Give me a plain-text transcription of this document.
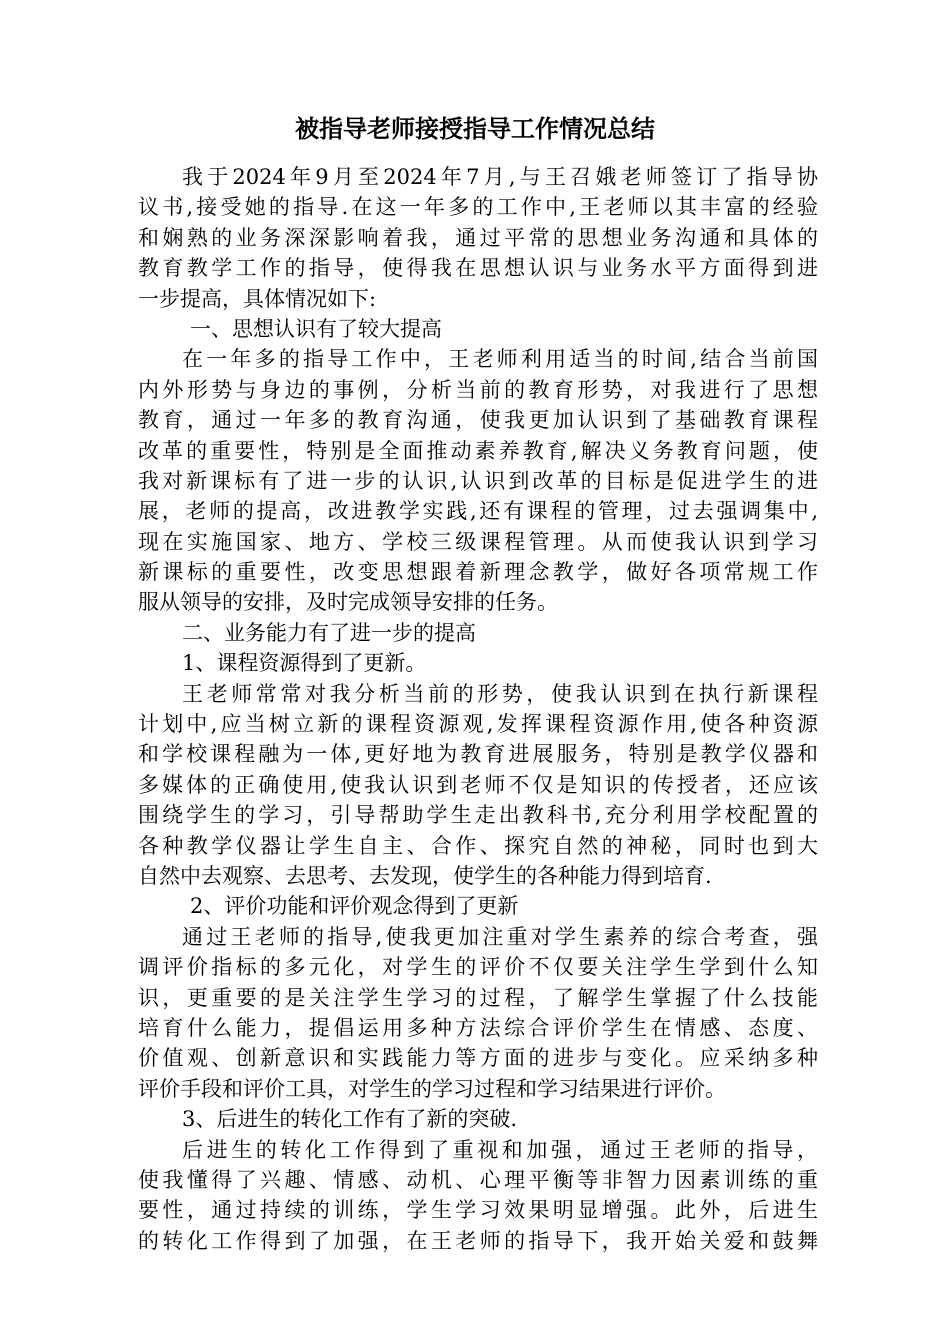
被指导老师接授指导工作情况总结
我于2024年9月至2024年7月,与王召娥老师签订了指导协
议书,接受她的指导.在这一年多的工作中,王老师以其丰富的经验
和娴熟的业务深深影响着我，通过平常的思想业务沟通和具体的
教育教学工作的指导，使得我在思想认识与业务水平方面得到进
一步提高，具体情况如下:
一、思想认识有了较大提高
在一年多的指导工作中，王老师利用适当的时间,结合当前国
内外形势与身边的事例，分析当前的教育形势，对我进行了思想
教育，通过一年多的教育沟通，使我更加认识到了基础教育课程
改革的重要性，特别是全面推动素养教育,解决义务教育问题，使
我对新课标有了进一步的认识,认识到改革的目标是促进学生的进
展，老师的提高，改进教学实践,还有课程的管理，过去强调集中,
现在实施国家、地方、学校三级课程管理。从而使我认识到学习
新课标的重要性，改变思想跟着新理念教学，做好各项常规工作
服从领导的安排，及时完成领导安排的任务。
二、业务能力有了进一步的提高
1、课程资源得到了更新。
王老师常常对我分析当前的形势，使我认识到在执行新课程
计划中,应当树立新的课程资源观,发挥课程资源作用,使各种资源
和学校课程融为一体,更好地为教育进展服务，特别是教学仪器和
多媒体的正确使用,使我认识到老师不仅是知识的传授者，还应该
围绕学生的学习，引导帮助学生走出教科书,充分利用学校配置的
各种教学仪器让学生自主、合作、探究自然的神秘，同时也到大
自然中去观察、去思考、去发现，使学生的各种能力得到培育.
2、评价功能和评价观念得到了更新
通过王老师的指导,使我更加注重对学生素养的综合考查，强
调评价指标的多元化，对学生的评价不仅要关注学生学到什么知
识，更重要的是关注学生学习的过程，了解学生掌握了什么技能
培育什么能力，提倡运用多种方法综合评价学生在情感、态度、
价值观、创新意识和实践能力等方面的进步与变化。应采纳多种
评价手段和评价工具，对学生的学习过程和学习结果进行评价。
3、后进生的转化工作有了新的突破.
后进生的转化工作得到了重视和加强，通过王老师的指导，
使我懂得了兴趣、情感、动机、心理平衡等非智力因素训练的重
要性，通过持续的训练，学生学习效果明显增强。此外，后进生
的转化工作得到了加强，在王老师的指导下，我开始关爱和鼓舞
